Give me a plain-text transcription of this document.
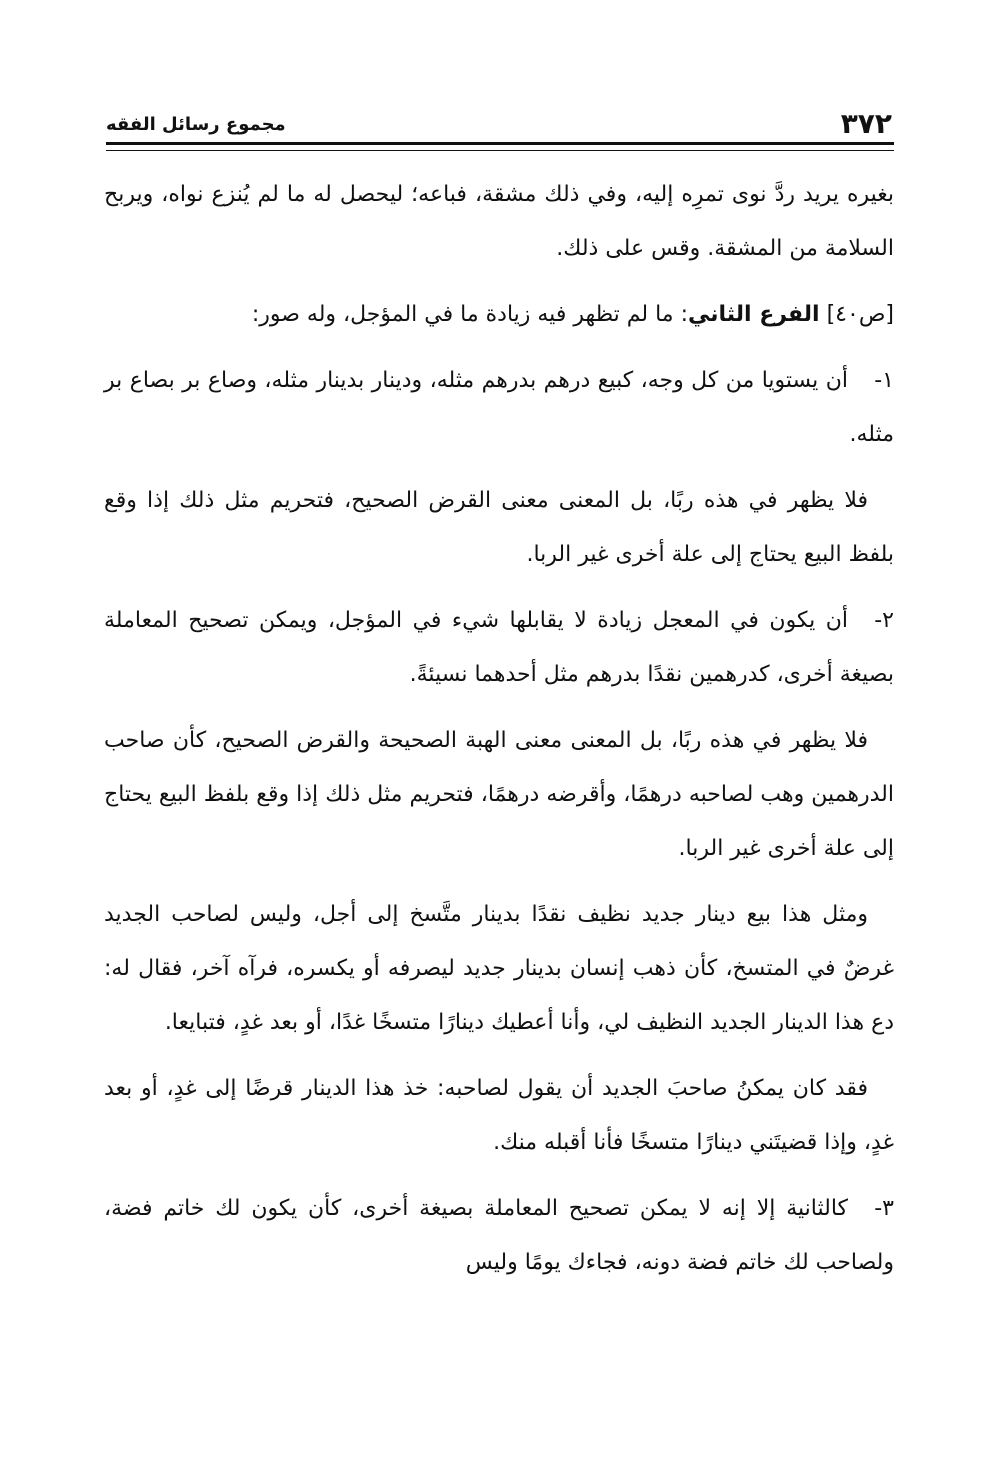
٣٧٢
مجموع رسائل الفقه

بغيره يريد ردَّ نوى تمرِه إليه، وفي ذلك مشقة، فباعه؛ ليحصل له ما لم يُنزع نواه، ويربح السلامة من المشقة. وقس على ذلك.

[ص٤٠] الفرع الثاني: ما لم تظهر فيه زيادة ما في المؤجل، وله صور:

١-أن يستويا من كل وجه، كبيع درهم بدرهم مثله، ودينار بدينار مثله، وصاع بر بصاع بر مثله.

فلا يظهر في هذه ربًا، بل المعنى معنى القرض الصحيح، فتحريم مثل ذلك إذا وقع بلفظ البيع يحتاج إلى علة أخرى غير الربا.

٢-أن يكون في المعجل زيادة لا يقابلها شيء في المؤجل، ويمكن تصحيح المعاملة بصيغة أخرى، كدرهمين نقدًا بدرهم مثل أحدهما نسيئةً.

فلا يظهر في هذه ربًا، بل المعنى معنى الهبة الصحيحة والقرض الصحيح، كأن صاحب الدرهمين وهب لصاحبه درهمًا، وأقرضه درهمًا، فتحريم مثل ذلك إذا وقع بلفظ البيع يحتاج إلى علة أخرى غير الربا.

ومثل هذا بيع دينار جديد نظيف نقدًا بدينار متَّسخ إلى أجل، وليس لصاحب الجديد غرضٌ في المتسخ، كأن ذهب إنسان بدينار جديد ليصرفه أو يكسره، فرآه آخر، فقال له: دع هذا الدينار الجديد النظيف لي، وأنا أعطيك دينارًا متسخًا غدًا، أو بعد غدٍ، فتبايعا.

فقد كان يمكنُ صاحبَ الجديد أن يقول لصاحبه: خذ هذا الدينار قرضًا إلى غدٍ، أو بعد غدٍ، وإذا قضيتَني دينارًا متسخًا فأنا أقبله منك.

٣-كالثانية إلا إنه لا يمكن تصحيح المعاملة بصيغة أخرى، كأن يكون لك خاتم فضة، ولصاحب لك خاتم فضة دونه، فجاءك يومًا وليس
